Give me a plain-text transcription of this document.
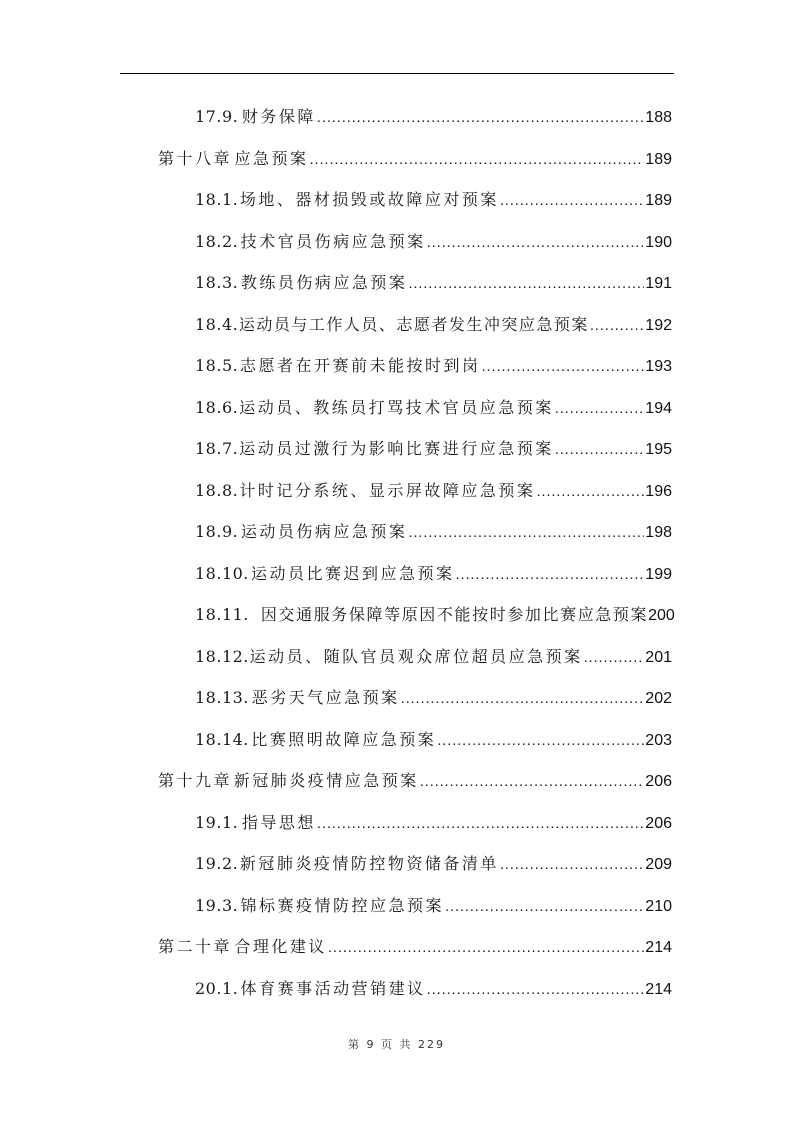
17.9. 财务保障 .....	188
第十八章 应急预案 .....	189
18.1. 场地、器材损毁或故障应对预案 .....	189
18.2. 技术官员伤病应急预案 .....	190
18.3. 教练员伤病应急预案 .....	191
18.4. 运动员与工作人员、志愿者发生冲突应急预案 .....	192
18.5. 志愿者在开赛前未能按时到岗 .....	193
18.6. 运动员、教练员打骂技术官员应急预案 .....	194
18.7. 运动员过激行为影响比赛进行应急预案 .....	195
18.8. 计时记分系统、显示屏故障应急预案 .....	196
18.9. 运动员伤病应急预案 .....	198
18.10. 运动员比赛迟到应急预案 .....	199
18.11. 因交通服务保障等原因不能按时参加比赛应急预案 200
18.12. 运动员、随队官员观众席位超员应急预案 .....	201
18.13. 恶劣天气应急预案 .....	202
18.14. 比赛照明故障应急预案 .....	203
第十九章 新冠肺炎疫情应急预案 .....	206
19.1. 指导思想 .....	206
19.2. 新冠肺炎疫情防控物资储备清单 .....	209
19.3. 锦标赛疫情防控应急预案 .....	210
第二十章 合理化建议 .....	214
20.1. 体育赛事活动营销建议 .....	214
第 9 页 共 229
